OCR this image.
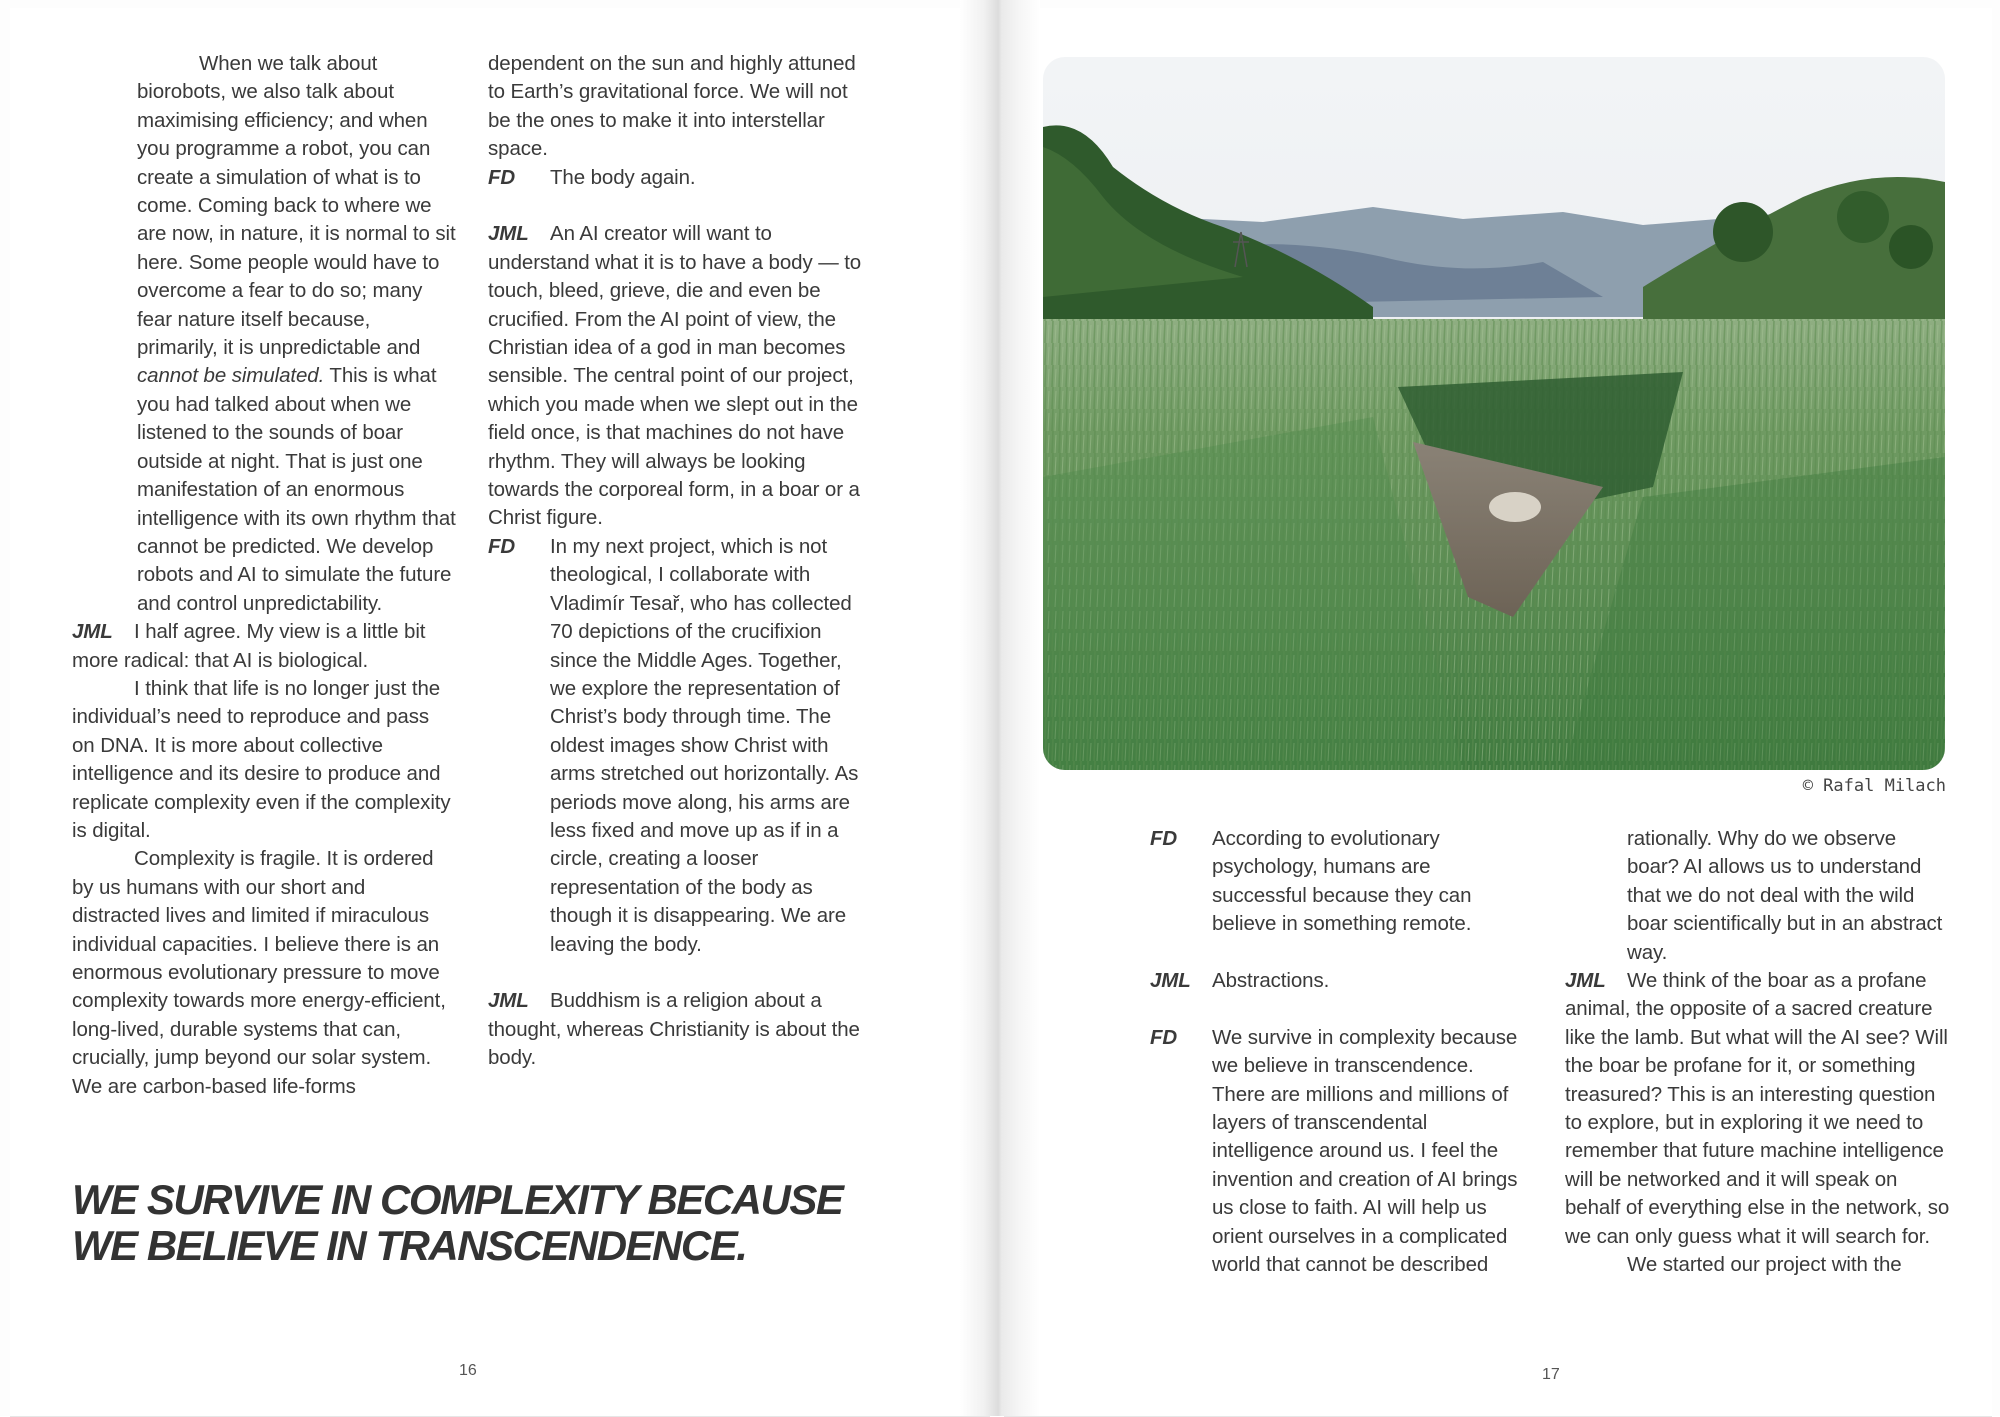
When we talk about biorobots, we also talk about maximising efficiency; and when you programme a robot, you can create a simulation of what is to come. Coming back to where we are now, in nature, it is normal to sit here. Some people would have to overcome a fear to do so; many fear nature itself because, primarily, it is unpredictable and cannot be simulated. This is what you had talked about when we listened to the sounds of boar outside at night. That is just one manifestation of an enormous intelligence with its own rhythm that cannot be predicted. We develop robots and AI to simulate the future and control unpredictability.

JML I half agree. My view is a little bit more radical: that AI is biological.

I think that life is no longer just the individual’s need to reproduce and pass on DNA. It is more about collective intelligence and its desire to produce and replicate complexity even if the complexity is digital.

Complexity is fragile. It is ordered by us humans with our short and distracted lives and limited if miraculous individual capacities. I believe there is an enormous evolutionary pressure to move complexity towards more energy-efficient, long-lived, durable systems that can, crucially, jump beyond our solar system. We are carbon-based life-forms

dependent on the sun and highly attuned to Earth’s gravitational force. We will not be the ones to make it into interstellar space.

FD	The body again.

JML An AI creator will want to understand what it is to have a body — to touch, bleed, grieve, die and even be crucified. From the AI point of view, the Christian idea of a god in man becomes sensible. The central point of our project, which you made when we slept out in the field once, is that machines do not have rhythm. They will always be looking towards the corporeal form, in a boar or a Christ figure.

FD	In my next project, which is not theological, I collaborate with Vladimír Tesař, who has collected 70 depictions of the crucifixion since the Middle Ages. Together, we explore the representation of Christ’s body through time. The oldest images show Christ with arms stretched out horizontally. As periods move along, his arms are less fixed and move up as if in a circle, creating a looser representation of the body as though it is disappearing. We are leaving the body.

JML Buddhism is a religion about a thought, whereas Christianity is about the body.

WE SURVIVE IN COMPLEXITY BECAUSE
WE BELIEVE IN TRANSCENDENCE.
16
© Rafal Milach
FD	According to evolutionary psychology, humans are successful because they can believe in something remote.
JML	Abstractions.
FD	We survive in complexity because we believe in transcendence. There are millions and millions of layers of transcendental intelligence around us. I feel the invention and creation of AI brings us close to faith. AI will help us orient ourselves in a complicated world that cannot be described

rationally. Why do we observe boar? AI allows us to understand that we do not deal with the wild boar scientifically but in an abstract way.

JML We think of the boar as a profane animal, the opposite of a sacred creature like the lamb. But what will the AI see? Will the boar be profane for it, or something treasured? This is an interesting question to explore, but in exploring it we need to remember that future machine intelligence will be networked and it will speak on behalf of everything else in the network, so we can only guess what it will search for.

We started our project with the

17
